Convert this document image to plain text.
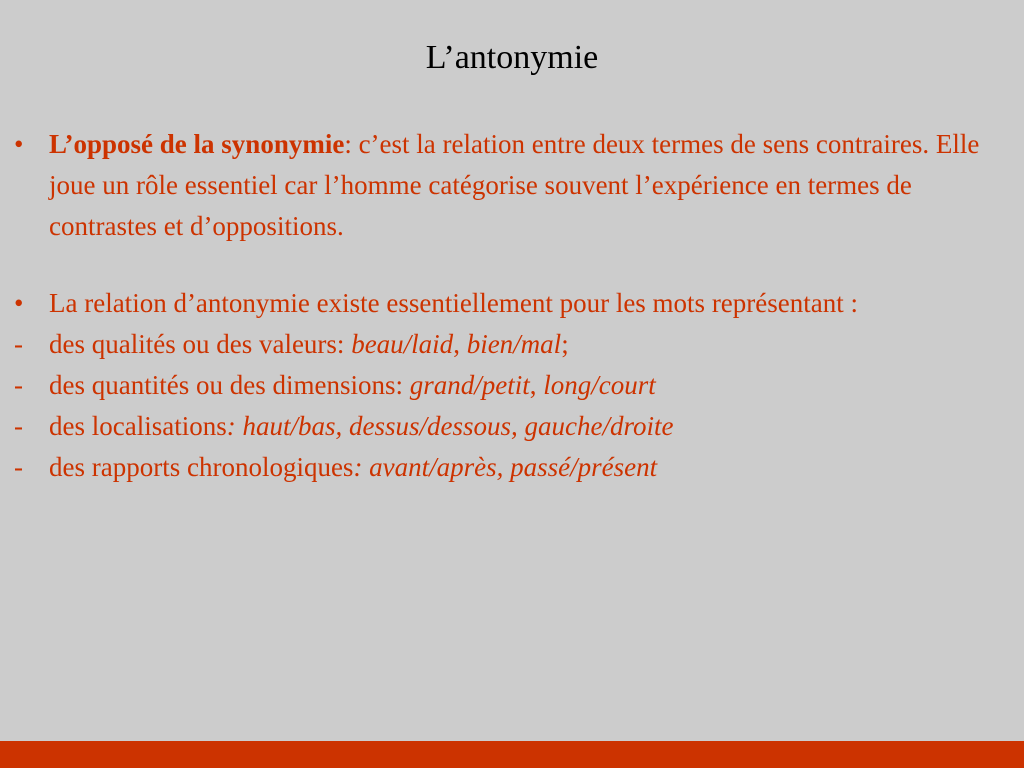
L’antonymie
• L’opposé de la synonymie: c’est la relation entre deux termes de sens contraires. Elle joue un rôle essentiel car l’homme catégorise souvent l’expérience en termes de contrastes et d’oppositions.
• La relation d’antonymie existe essentiellement pour les mots représentant :
- des qualités ou des valeurs: beau/laid, bien/mal;
- des quantités ou des dimensions: grand/petit, long/court
- des localisations: haut/bas, dessus/dessous, gauche/droite
- des rapports chronologiques: avant/après, passé/présent
